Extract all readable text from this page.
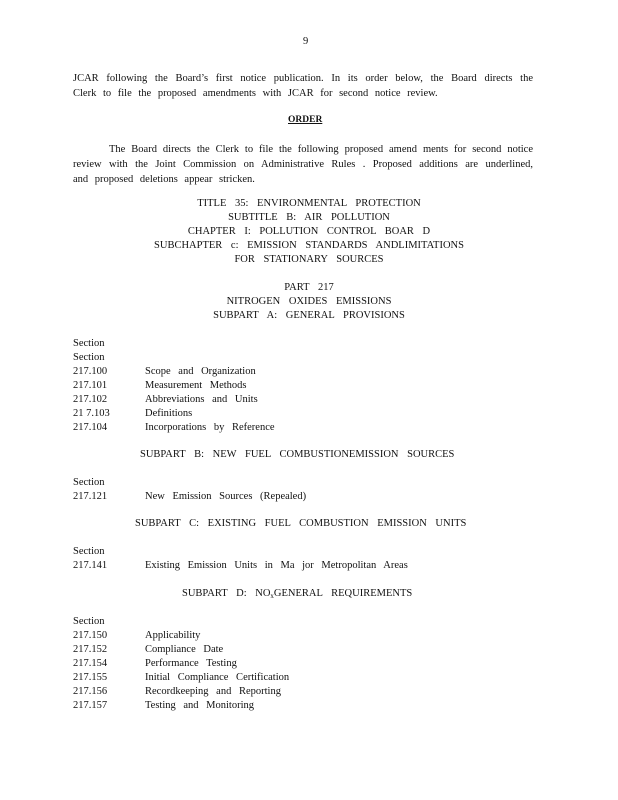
9
JCAR following the Board’s first notice publication. In its order below, the Board directs the
Clerk to file the proposed amendments with JCAR for second notice review.
ORDER
The Board directs the Clerk to file the following proposed amend ments for second notice
review with the Joint Commission on Administrative Rules . Proposed additions are underlined,
and proposed deletions appear stricken.
TITLE 35: ENVIRONMENTAL PROTECTION
SUBTITLE B: AIR POLLUTION
CHAPTER I: POLLUTION CONTROL BOAR D
SUBCHAPTER c: EMISSION STANDARDS ANDLIMITATIONS
FOR STATIONARY SOURCES
PART 217
NITROGEN OXIDES EMISSIONS
SUBPART A: GENERAL PROVISIONS
Section
Section
217.100	Scope and Organization
217.101	Measurement Methods
217.102	Abbreviations and Units
21 7.103	Definitions
217.104	Incorporations by Reference
SUBPART B: NEW FUEL COMBUSTIONEMISSION SOURCES
Section
217.121	New Emission Sources (Repealed)
SUBPART C: EXISTING FUEL COMBUSTION EMISSION UNITS
Section
217.141	Existing Emission Units in Ma jor Metropolitan Areas
SUBPART D: $NO_xGENERAL$ REQUIREMENTS
Section
217.150	Applicability
217.152	Compliance Date
217.154	Performance Testing
217.155	Initial Compliance Certification
217.156	Recordkeeping and Reporting
217.157	Testing and Monitoring
